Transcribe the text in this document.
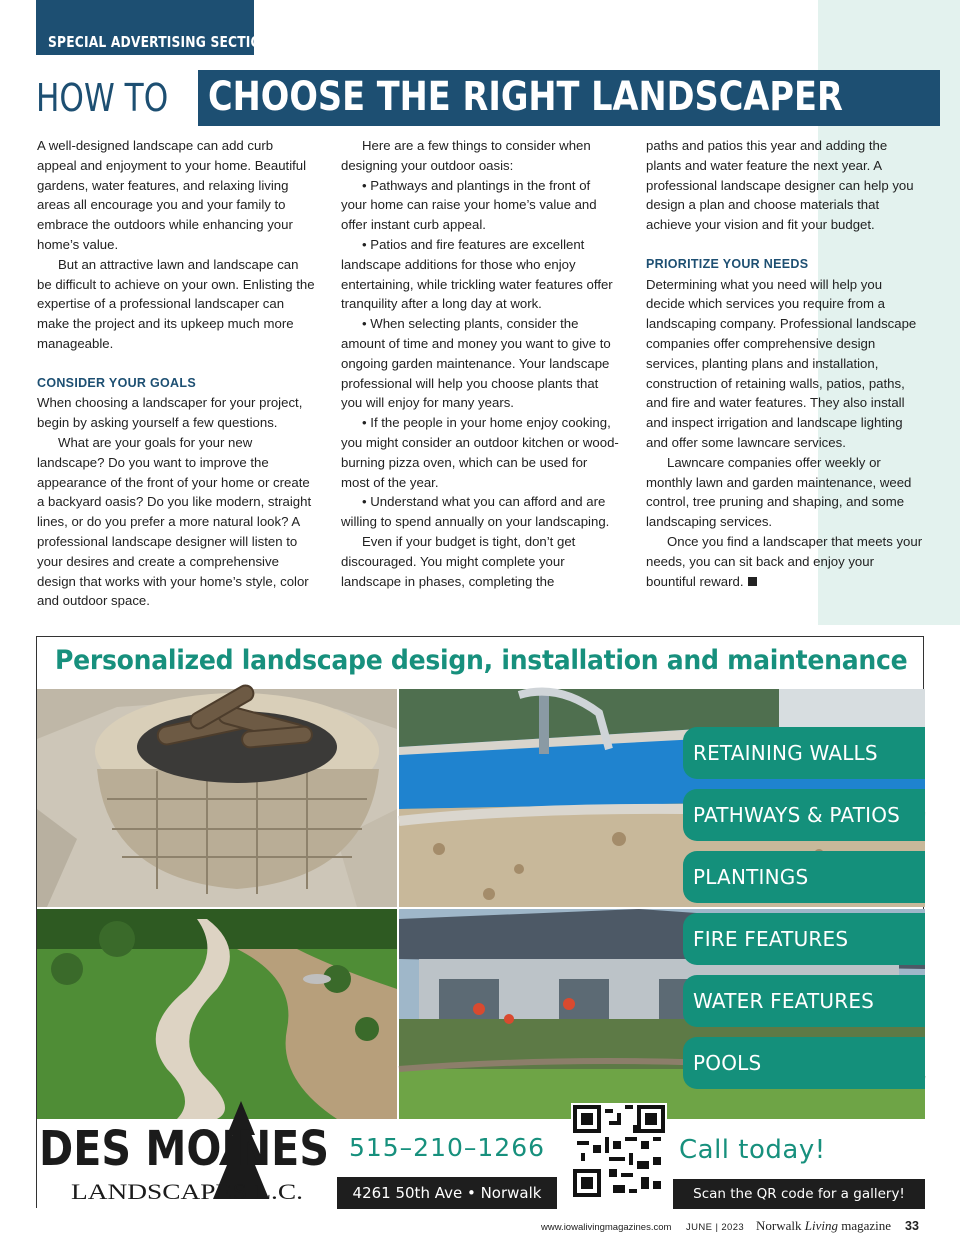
SPECIAL ADVERTISING SECTION
HOW TO CHOOSE THE RIGHT LANDSCAPER

A well-designed landscape can add curb appeal and enjoyment to your home. Beautiful gardens, water features, and relaxing living areas all encourage you and your family to embrace the outdoors while enhancing your home’s value.

But an attractive lawn and landscape can be difficult to achieve on your own. Enlisting the expertise of a professional landscaper can make the project and its upkeep much more manageable.

CONSIDER YOUR GOALS

When choosing a landscaper for your project, begin by asking yourself a few questions.

What are your goals for your new landscape? Do you want to improve the appearance of the front of your home or create a backyard oasis? Do you like modern, straight lines, or do you prefer a more natural look? A professional landscape designer will listen to your desires and create a comprehensive design that works with your home’s style, color and outdoor space.

Here are a few things to consider when designing your outdoor oasis:

• Pathways and plantings in the front of your home can raise your home’s value and offer instant curb appeal.

• Patios and fire features are excellent landscape additions for those who enjoy entertaining, while trickling water features offer tranquility after a long day at work.

• When selecting plants, consider the amount of time and money you want to give to ongoing garden maintenance. Your landscape professional will help you choose plants that you will enjoy for many years.

• If the people in your home enjoy cooking, you might consider an outdoor kitchen or wood-burning pizza oven, which can be used for most of the year.

• Understand what you can afford and are willing to spend annually on your landscaping.

Even if your budget is tight, don’t get discouraged. You might complete your landscape in phases, completing the

paths and patios this year and adding the plants and water feature the next year. A professional landscape designer can help you design a plan and choose materials that achieve your vision and fit your budget.

PRIORITIZE YOUR NEEDS

Determining what you need will help you decide which services you require from a landscaping company. Professional landscape companies offer comprehensive design services, planting plans and installation, construction of retaining walls, patios, paths, and fire and water features. They also install and inspect irrigation and landscape lighting and offer some lawncare services.

Lawncare companies offer weekly or monthly lawn and garden maintenance, weed control, tree pruning and shaping, and some landscaping services.

Once you find a landscaper that meets your needs, you can sit back and enjoy your bountiful reward.

Personalized landscape design, installation and maintenance
RETAINING WALLS
PATHWAYS & PATIOS
PLANTINGS
FIRE FEATURES
WATER FEATURES
POOLS
DES MOINES
LANDSCAPES L.C.
515–210–1266
4261 50th Ave • Norwalk
Call today!
Scan the QR code for a gallery!
www.iowalivingmagazines.com JUNE | 2023 Norwalk Living magazine 33
